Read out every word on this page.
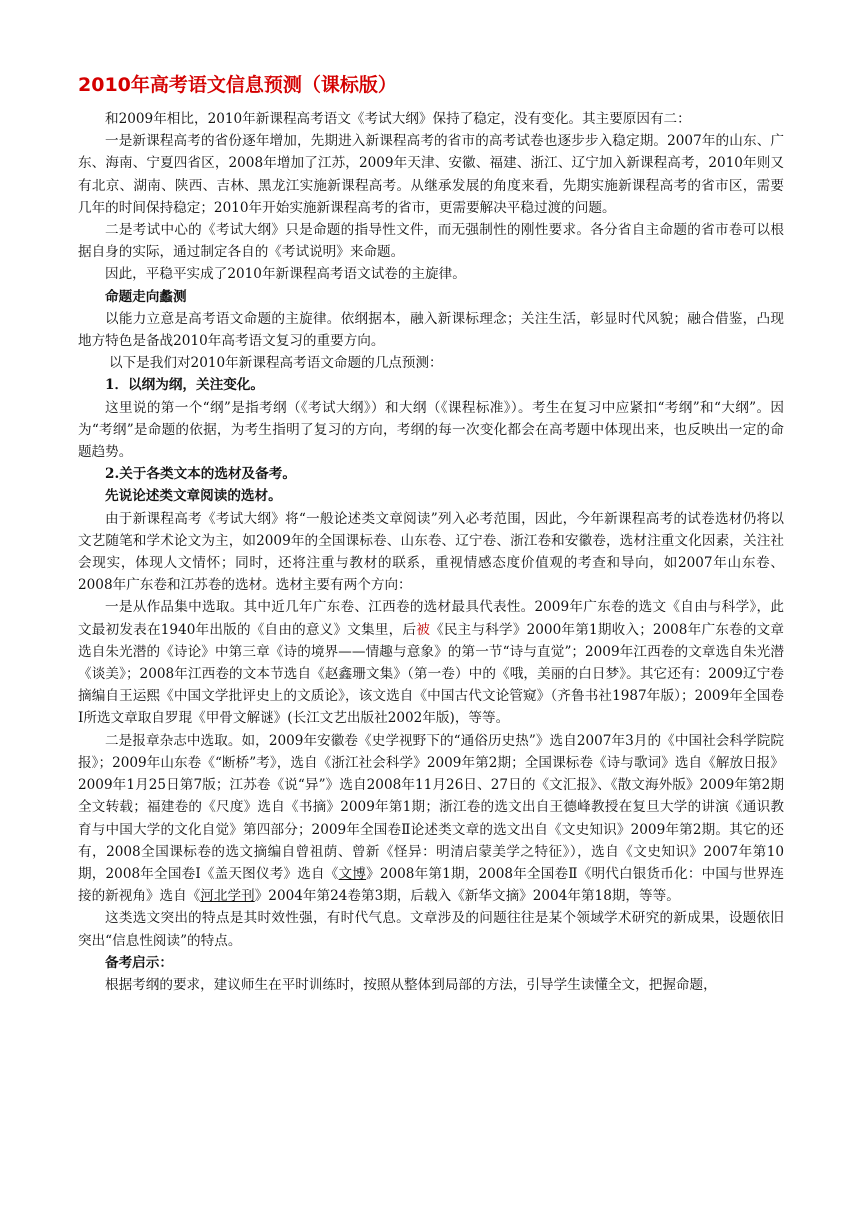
2010年高考语文信息预测（课标版）

和2009年相比，2010年新课程高考语文《考试大纲》保持了稳定，没有变化。其主要原因有二：

一是新课程高考的省份逐年增加，先期进入新课程高考的省市的高考试卷也逐步步入稳定期。2007年的山东、广东、海南、宁夏四省区，2008年增加了江苏，2009年天津、安徽、福建、浙江、辽宁加入新课程高考，2010年则又有北京、湖南、陕西、吉林、黑龙江实施新课程高考。从继承发展的角度来看，先期实施新课程高考的省市区，需要几年的时间保持稳定；2010年开始实施新课程高考的省市，更需要解决平稳过渡的问题。

二是考试中心的《考试大纲》只是命题的指导性文件，而无强制性的刚性要求。各分省自主命题的省市卷可以根据自身的实际，通过制定各自的《考试说明》来命题。

因此，平稳平实成了2010年新课程高考语文试卷的主旋律。

命题走向蠡测

以能力立意是高考语文命题的主旋律。依纲据本，融入新课标理念；关注生活，彰显时代风貌；融合借鉴，凸现地方特色是备战2010年高考语文复习的重要方向。

以下是我们对2010年新课程高考语文命题的几点预测：

1．以纲为纲，关注变化。

这里说的第一个“纲”是指考纲（《考试大纲》）和大纲（《课程标准》）。考生在复习中应紧扣“考纲”和“大纲”。因为“考纲”是命题的依据，为考生指明了复习的方向，考纲的每一次变化都会在高考题中体现出来，也反映出一定的命题趋势。

2.关于各类文本的选材及备考。

先说论述类文章阅读的选材。

由于新课程高考《考试大纲》将“一般论述类文章阅读”列入必考范围，因此，今年新课程高考的试卷选材仍将以文艺随笔和学术论文为主，如2009年的全国课标卷、山东卷、辽宁卷、浙江卷和安徽卷，选材注重文化因素，关注社会现实，体现人文情怀；同时，还将注重与教材的联系，重视情感态度价值观的考查和导向，如2007年山东卷、2008年广东卷和江苏卷的选材。选材主要有两个方向：

一是从作品集中选取。其中近几年广东卷、江西卷的选材最具代表性。2009年广东卷的选文《自由与科学》，此文最初发表在1940年出版的《自由的意义》文集里，后被《民主与科学》2000年第1期收入；2008年广东卷的文章选自朱光潜的《诗论》中第三章《诗的境界——情趣与意象》的第一节“诗与直觉”；2009年江西卷的文章选自朱光潜《谈美》；2008年江西卷的文本节选自《赵鑫珊文集》（第一卷）中的《哦，美丽的白日梦》。其它还有：2009辽宁卷摘编自王运熙《中国文学批评史上的文质论》，该文选自《中国古代文论管窥》（齐鲁书社1987年版）；2009年全国卷Ⅰ所选文章取自罗琨《甲骨文解谜》(长江文艺出版社2002年版)，等等。

二是报章杂志中选取。如，2009年安徽卷《史学视野下的“通俗历史热”》选自2007年3月的《中国社会科学院院报》；2009年山东卷《“断桥”考》，选自《浙江社会科学》2009年第2期；全国课标卷《诗与歌词》选自《解放日报》2009年1月25日第7版；江苏卷《说“异”》选自2008年11月26日、27日的《文汇报》、《散文海外版》2009年第2期全文转载；福建卷的《尺度》选自《书摘》2009年第1期；浙江卷的选文出自王德峰教授在复旦大学的讲演《通识教育与中国大学的文化自觉》第四部分；2009年全国卷Ⅱ论述类文章的选文出自《文史知识》2009年第2期。其它的还有，2008全国课标卷的选文摘编自曾祖荫、曾新《怪异：明清启蒙美学之特征》），选自《文史知识》2007年第10期，2008年全国卷Ⅰ《盖天图仪考》选自《文博》2008年第1期，2008年全国卷Ⅱ《明代白银货币化：中国与世界连接的新视角》选自《河北学刊》2004年第24卷第3期，后载入《新华文摘》2004年第18期，等等。

这类选文突出的特点是其时效性强，有时代气息。文章涉及的问题往往是某个领域学术研究的新成果，设题依旧突出“信息性阅读”的特点。

备考启示：

根据考纲的要求，建议师生在平时训练时，按照从整体到局部的方法，引导学生读懂全文，把握命题，
